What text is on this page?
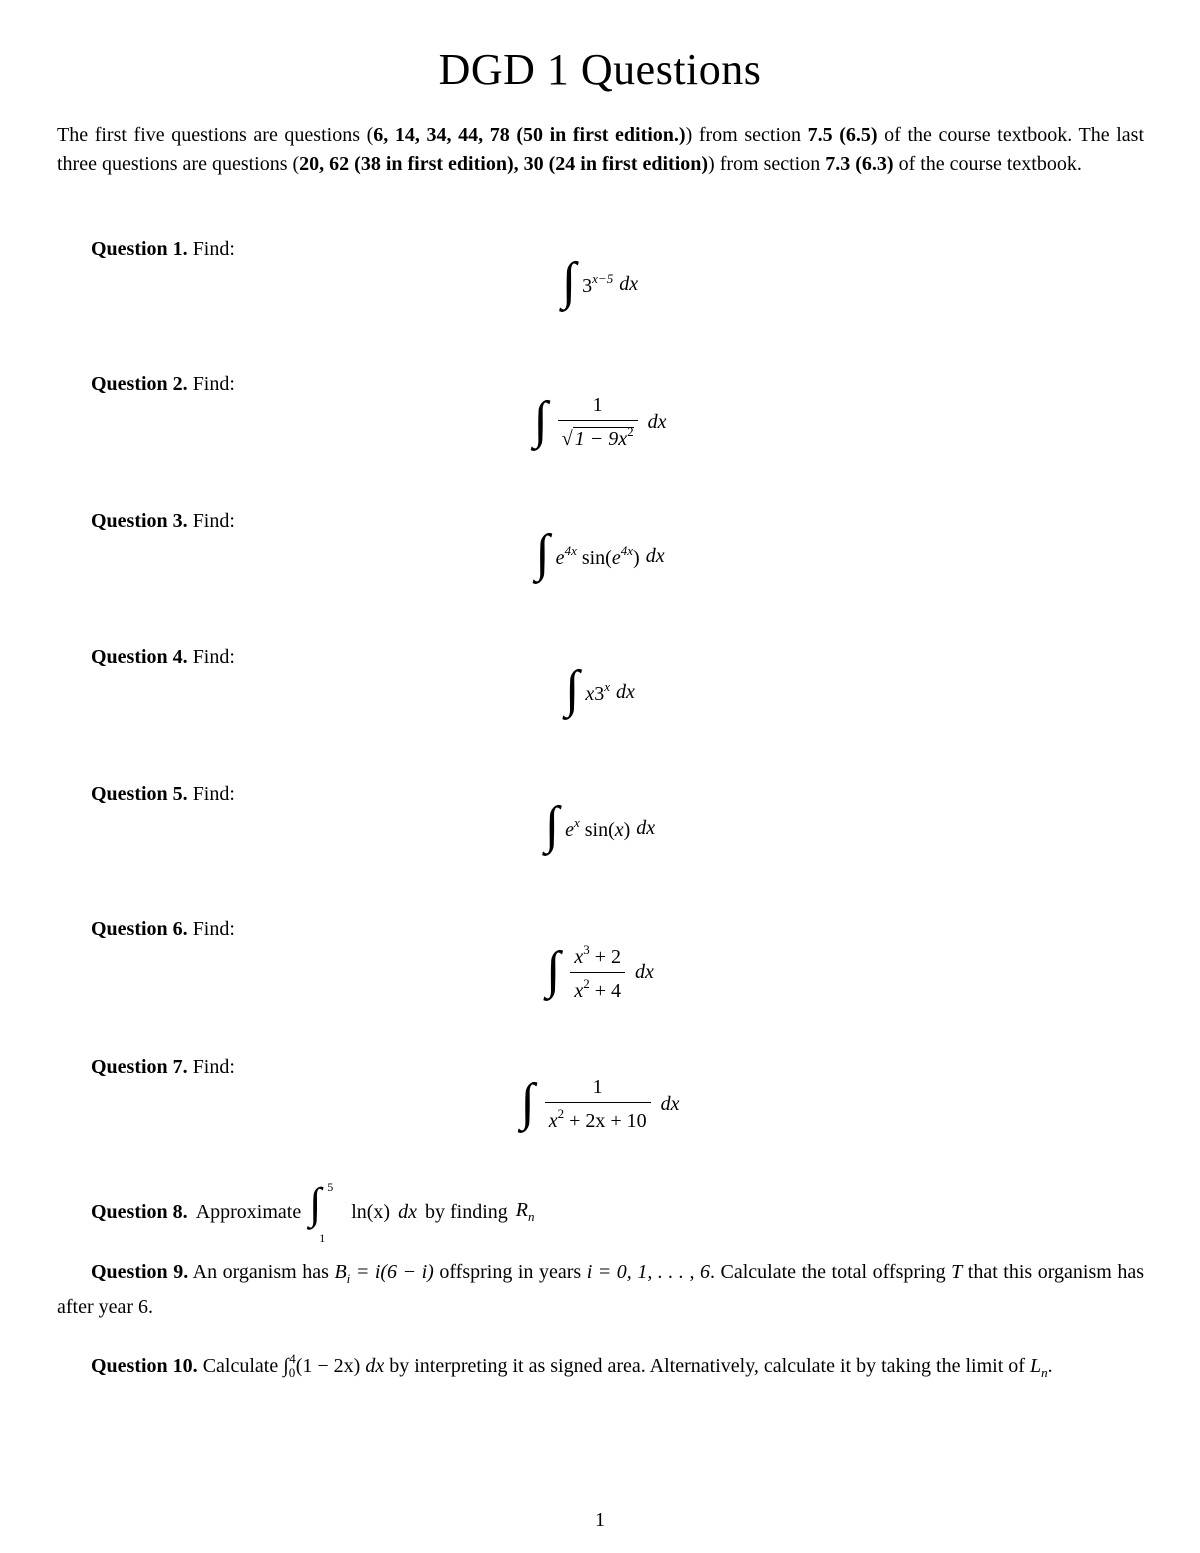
DGD 1 Questions
The first five questions are questions (6, 14, 34, 44, 78 (50 in first edition.)) from section 7.5 (6.5) of the course textbook. The last three questions are questions (20, 62 (38 in first edition), 30 (24 in first edition)) from section 7.3 (6.3) of the course textbook.
Question 1. Find:
∫ $3^{x-5}$ dx
Question 2. Find:
∫ $\frac{1}{√ 1 - 9x^2}$ dx
Question 3. Find:
∫ $e^{4x}$ $\sin(e^{4x})$ dx
Question 4. Find:
∫ x3$^x$ dx
Question 5. Find:
∫ $e^x$ sin(x) dx
Question 6. Find:
∫ $\frac{x^3 + 2}{x^2 + 4}$ dx
Question 7. Find:
∫ $\frac{1}{x^2 + 2x + 10}$ dx
Question 8. Approximate ∫ 5
1
ln(x) dx by finding $R_n$
Question 9. An organism has $B_i = i(6 - i)$ offspring in years i = 0, 1, . . . , 6. Calculate the total offspring T that this organism has after year 6.
Question 10. Calculate $\int_0^4(1 - 2x)$ dx by interpreting it as signed area. Alternatively, calculate it by taking the limit of $L_n$.
1
